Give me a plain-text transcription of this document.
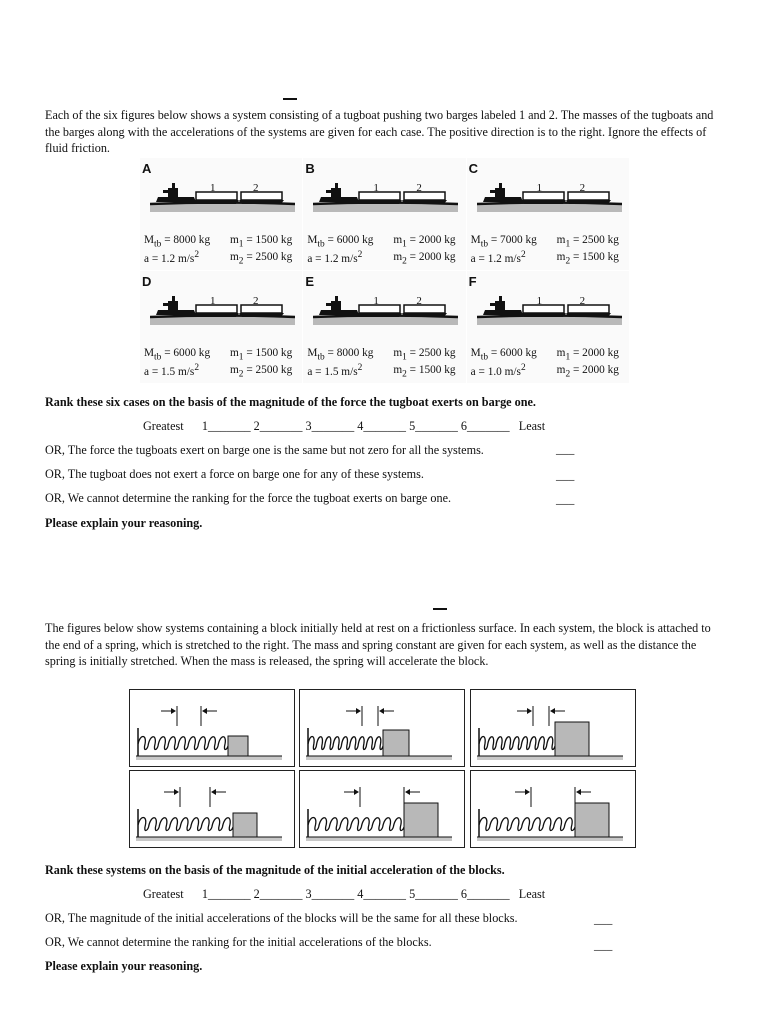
Each of the six figures below shows a system consisting of a tugboat pushing two barges labeled 1 and 2. The masses of the tugboats and the barges along with the accelerations of the systems are given for each case. The positive direction is to the right. Ignore the effects of fluid friction.

A
1	2
$M_{tb} = 8000$ kg $m_1 = 1500$ kg
a = 1.2 $m/s^2$	$m_2 = 2500$ kg
B
1	2
$M_{tb} = 6000$ kg $m_1 = 2000$ kg
a = 1.2 $m/s^2$	$m_2 = 2000$ kg
C
1	2
$M_{tb} = 7000$ kg $m_1 = 2500$ kg
a = 1.2 $m/s^2$	$m_2 = 1500$ kg
D
1	2
$M_{tb} = 6000$ kg $m_1 = 1500$ kg
a = 1.5 $m/s^2$	$m_2 = 2500$ kg
E
1	2
$M_{tb} = 8000$ kg $m_1 = 2500$ kg
a = 1.5 $m/s^2$	$m_2 = 1500$ kg
F
1	2
$M_{tb} = 6000$ kg $m_1 = 2000$ kg
a = 1.0 $m/s^2$	$m_2 = 2000$ kg
Rank these six cases on the basis of the magnitude of the force the tugboat exerts on barge one.
Greatest      1_______ 2_______ 3_______ 4_______ 5_______ 6_______   Least
OR, The force the tugboats exert on barge one is the same but not zero for all the systems.	___
OR, The tugboat does not exert a force on barge one for any of these systems.	___
OR, We cannot determine the ranking for the force the tugboat exerts on barge one.	___
Please explain your reasoning.

The figures below show systems containing a block initially held at rest on a frictionless surface. In each system, the block is attached to the end of a spring, which is stretched to the right. The mass and spring constant are given for each system, as well as the distance the spring is initially stretched. When the mass is released, the spring will accelerate the block.

Rank these systems on the basis of the magnitude of the initial acceleration of the blocks.
Greatest      1_______ 2_______ 3_______ 4_______ 5_______ 6_______   Least
OR, The magnitude of the initial accelerations of the blocks will be the same for all these blocks.	___
OR, We cannot determine the ranking for the initial accelerations of the blocks.	___
Please explain your reasoning.
